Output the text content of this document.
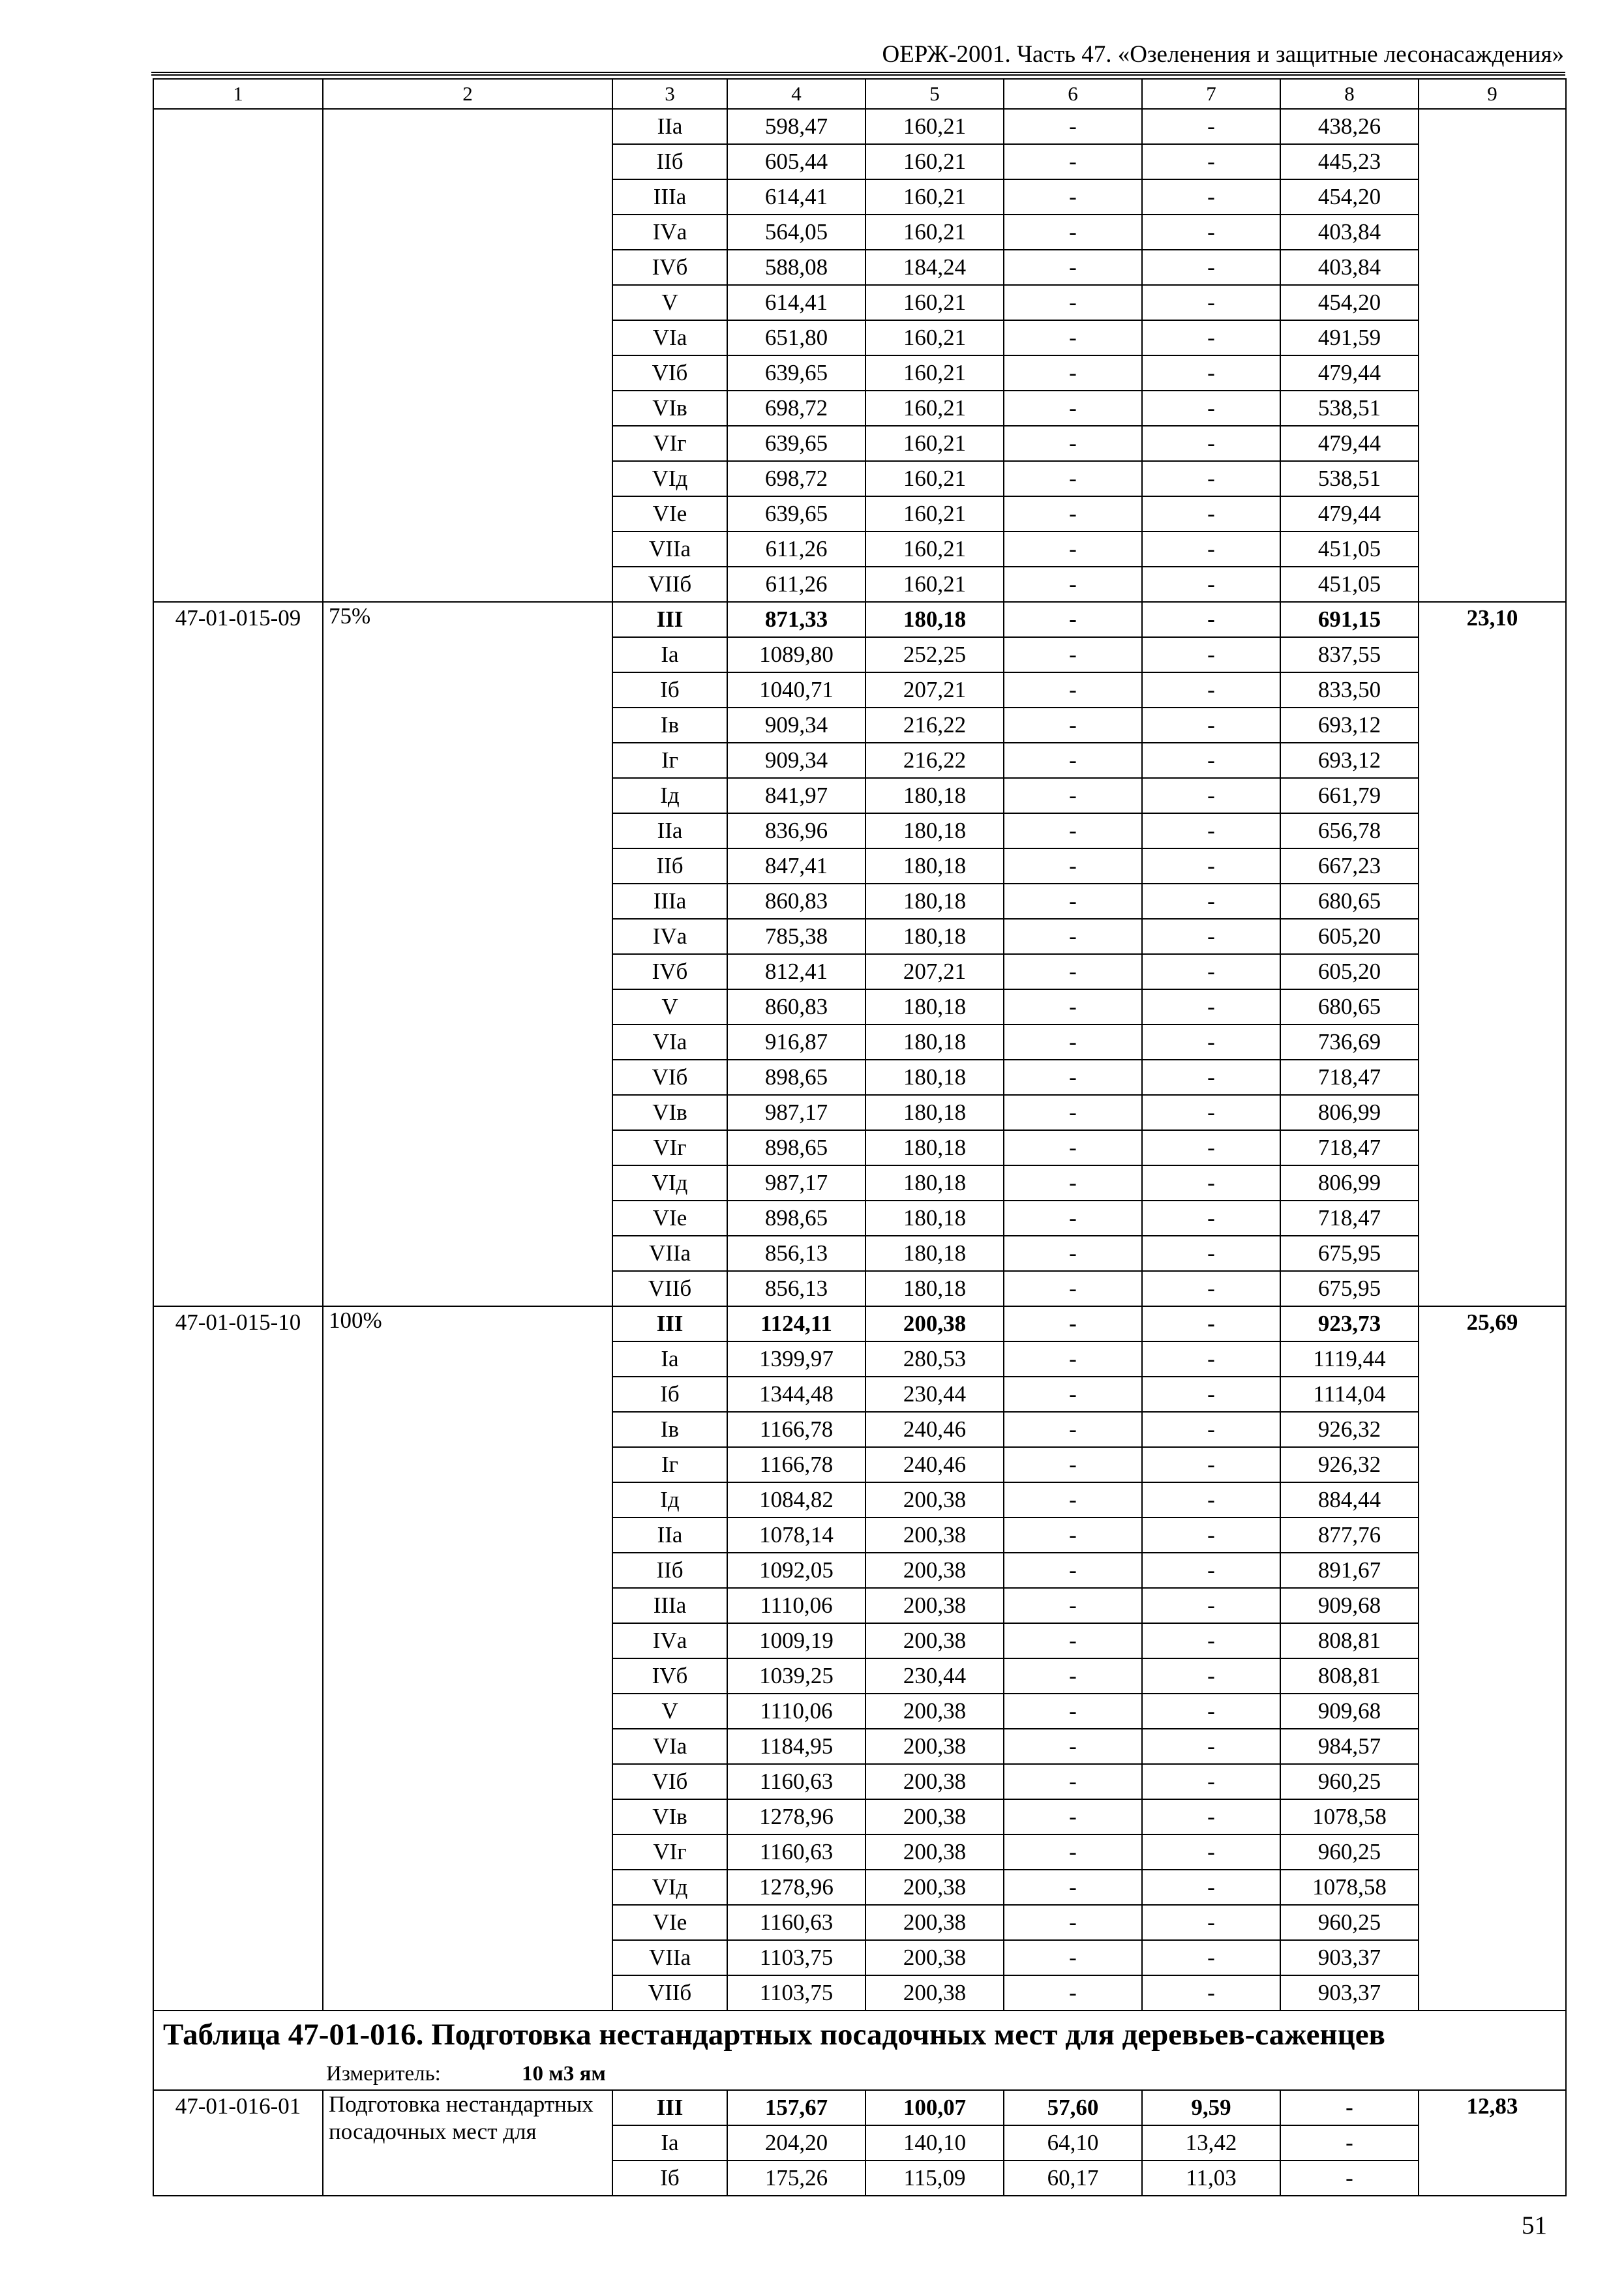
ОЕРЖ-2001. Часть 47. «Озеленения и защитные лесонасаждения»
1	2	3	4	5	6	7	8	9
		IIа	598,47	160,21	-	-	438,26	
		IIб	605,44	160,21	-	-	445,23	
		IIIа	614,41	160,21	-	-	454,20	
		IVа	564,05	160,21	-	-	403,84	
		IVб	588,08	184,24	-	-	403,84	
		V	614,41	160,21	-	-	454,20	
		VIа	651,80	160,21	-	-	491,59	
		VIб	639,65	160,21	-	-	479,44	
		VIв	698,72	160,21	-	-	538,51	
		VIг	639,65	160,21	-	-	479,44	
		VIд	698,72	160,21	-	-	538,51	
		VIе	639,65	160,21	-	-	479,44	
		VIIа	611,26	160,21	-	-	451,05	
		VIIб	611,26	160,21	-	-	451,05	
47-01-015-09	75%	III	871,33	180,18	-	-	691,15	23,10
		Iа	1089,80	252,25	-	-	837,55	
		Iб	1040,71	207,21	-	-	833,50	
		Iв	909,34	216,22	-	-	693,12	
		Iг	909,34	216,22	-	-	693,12	
		Iд	841,97	180,18	-	-	661,79	
		IIа	836,96	180,18	-	-	656,78	
		IIб	847,41	180,18	-	-	667,23	
		IIIа	860,83	180,18	-	-	680,65	
		IVа	785,38	180,18	-	-	605,20	
		IVб	812,41	207,21	-	-	605,20	
		V	860,83	180,18	-	-	680,65	
		VIа	916,87	180,18	-	-	736,69	
		VIб	898,65	180,18	-	-	718,47	
		VIв	987,17	180,18	-	-	806,99	
		VIг	898,65	180,18	-	-	718,47	
		VIд	987,17	180,18	-	-	806,99	
		VIе	898,65	180,18	-	-	718,47	
		VIIа	856,13	180,18	-	-	675,95	
		VIIб	856,13	180,18	-	-	675,95	
47-01-015-10	100%	III	1124,11	200,38	-	-	923,73	25,69
		Iа	1399,97	280,53	-	-	1119,44	
		Iб	1344,48	230,44	-	-	1114,04	
		Iв	1166,78	240,46	-	-	926,32	
		Iг	1166,78	240,46	-	-	926,32	
		Iд	1084,82	200,38	-	-	884,44	
		IIа	1078,14	200,38	-	-	877,76	
		IIб	1092,05	200,38	-	-	891,67	
		IIIа	1110,06	200,38	-	-	909,68	
		IVа	1009,19	200,38	-	-	808,81	
		IVб	1039,25	230,44	-	-	808,81	
		V	1110,06	200,38	-	-	909,68	
		VIа	1184,95	200,38	-	-	984,57	
		VIб	1160,63	200,38	-	-	960,25	
		VIв	1278,96	200,38	-	-	1078,58	
		VIг	1160,63	200,38	-	-	960,25	
		VIд	1278,96	200,38	-	-	1078,58	
		VIе	1160,63	200,38	-	-	960,25	
		VIIа	1103,75	200,38	-	-	903,37	
		VIIб	1103,75	200,38	-	-	903,37	
Таблица 47-01-016. Подготовка нестандартных посадочных мест для деревьев-саженцев								
Измеритель: 10 м3 ям								
47-01-016-01	Подготовка нестандартных посадочных мест для	III	157,67	100,07	57,60	9,59	-	12,83
		Iа	204,20	140,10	64,10	13,42	-	
		Iб	175,26	115,09	60,17	11,03	-	
51
